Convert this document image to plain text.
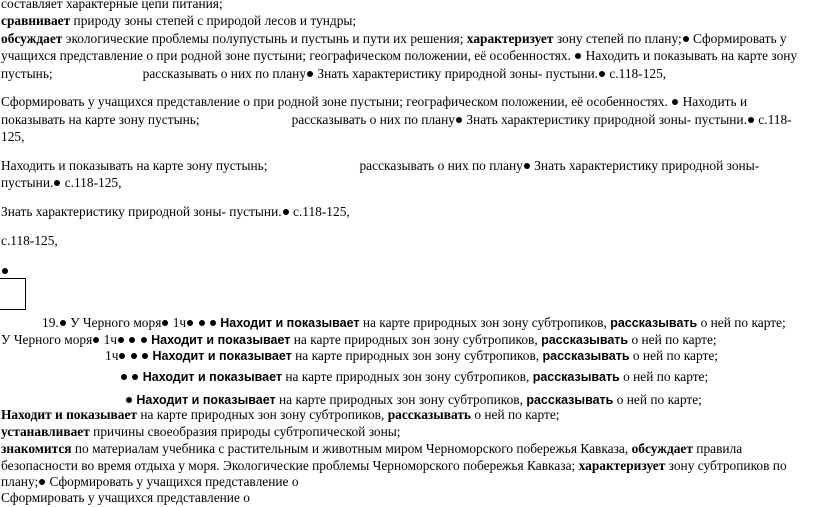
составляет характерные цепи питания;
сравнивает природу зоны степей с природой лесов и тундры;
обсуждает экологические проблемы полупустынь и пустынь и пути их решения; характеризует зону степей по плану; Сформировать у
учащихся представление о при родной зоне пустыни; географическом положении, её особенностях.  Находить и показывать на карте зону
пустынь;	рассказывать о них по плану Знать характеристику природной зоны- пустыни. с.118-125,
Сформировать у учащихся представление о при родной зоне пустыни; географическом положении, её особенностях.  Находить и
показывать на карте зону пустынь;	рассказывать о них по плану Знать характеристику природной зоны- пустыни. с.118-
125,
Находить и показывать на карте зону пустынь;	рассказывать о них по плану Знать характеристику природной зоны-
пустыни. с.118-125,
Знать характеристику природной зоны- пустыни. с.118-125,
с.118-125,
19. У Черного моря 1ч	Находит и показывает на карте природных зон зону субтропиков, рассказывать о ней по карте;
У Черного моря 1ч	Находит и показывает на карте природных зон зону субтропиков, рассказывать о ней по карте;
1ч	Находит и показывает на карте природных зон зону субтропиков, рассказывать о ней по карте;
Находит и показывает на карте природных зон зону субтропиков, рассказывать о ней по карте;
Находит и показывает на карте природных зон зону субтропиков, рассказывать о ней по карте;
Находит и показывает на карте природных зон зону субтропиков, рассказывать о ней по карте;
устанавливает причины своеобразия природы субтропической зоны;
знакомится по материалам учебника с растительным и животным миром Черноморского побережья Кавказа, обсуждает правила
безопасности во время отдыха у моря. Экологические проблемы Черноморского побережья Кавказа; характеризует зону субтропиков по
плану; Сформировать у учащихся представление о
Сформировать у учащихся представление о
